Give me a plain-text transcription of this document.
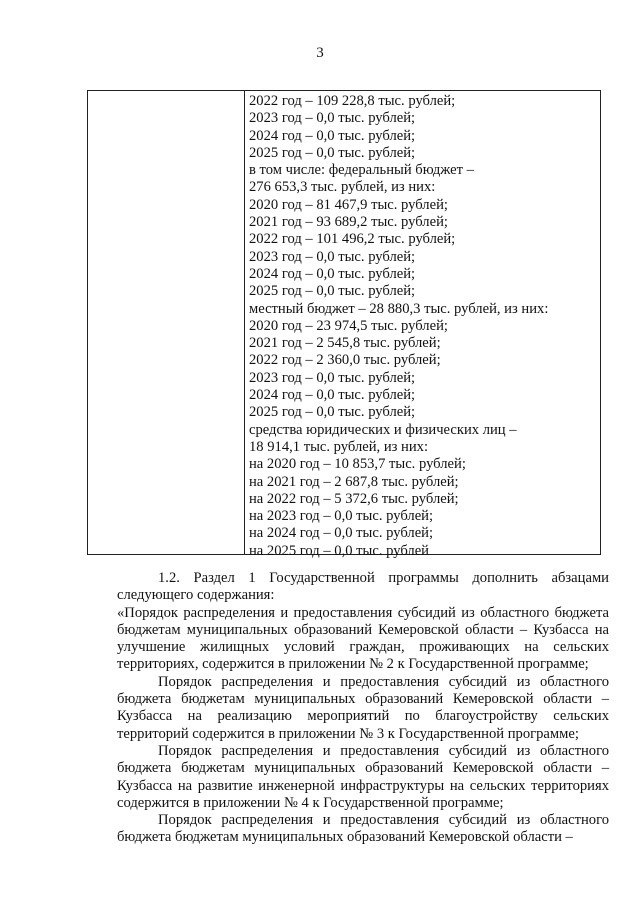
3
2022 год – 109 228,8 тыс. рублей;
2023 год – 0,0 тыс. рублей;
2024 год – 0,0 тыс. рублей;
2025 год – 0,0 тыс. рублей;
в том числе: федеральный бюджет –
276 653,3 тыс. рублей, из них:
2020 год – 81 467,9 тыс. рублей;
2021 год – 93 689,2 тыс. рублей;
2022 год – 101 496,2 тыс. рублей;
2023 год – 0,0 тыс. рублей;
2024 год – 0,0 тыс. рублей;
2025 год – 0,0 тыс. рублей;
местный бюджет – 28 880,3 тыс. рублей, из них:
2020 год – 23 974,5 тыс. рублей;
2021 год – 2 545,8 тыс. рублей;
2022 год – 2 360,0 тыс. рублей;
2023 год – 0,0 тыс. рублей;
2024 год – 0,0 тыс. рублей;
2025 год – 0,0 тыс. рублей;
средства юридических и физических лиц –
18 914,1 тыс. рублей, из них:
на 2020 год – 10 853,7 тыс. рублей;
на 2021 год – 2 687,8 тыс. рублей;
на 2022 год – 5 372,6 тыс. рублей;
на 2023 год – 0,0 тыс. рублей;
на 2024 год – 0,0 тыс. рублей;
на 2025 год – 0,0 тыс. рублей

1.2. Раздел 1 Государственной программы дополнить абзацами следующего содержания:

«Порядок распределения и предоставления субсидий из областного бюджета бюджетам муниципальных образований Кемеровской области – Кузбасса на улучшение жилищных условий граждан, проживающих на сельских территориях, содержится в приложении № 2 к Государственной программе;

Порядок распределения и предоставления субсидий из областного бюджета бюджетам муниципальных образований Кемеровской области – Кузбасса на реализацию мероприятий по благоустройству сельских территорий содержится в приложении № 3 к Государственной программе;

Порядок распределения и предоставления субсидий из областного бюджета бюджетам муниципальных образований Кемеровской области – Кузбасса на развитие инженерной инфраструктуры на сельских территориях содержится в приложении № 4 к Государственной программе;

Порядок распределения и предоставления субсидий из областного бюджета бюджетам муниципальных образований Кемеровской области –
